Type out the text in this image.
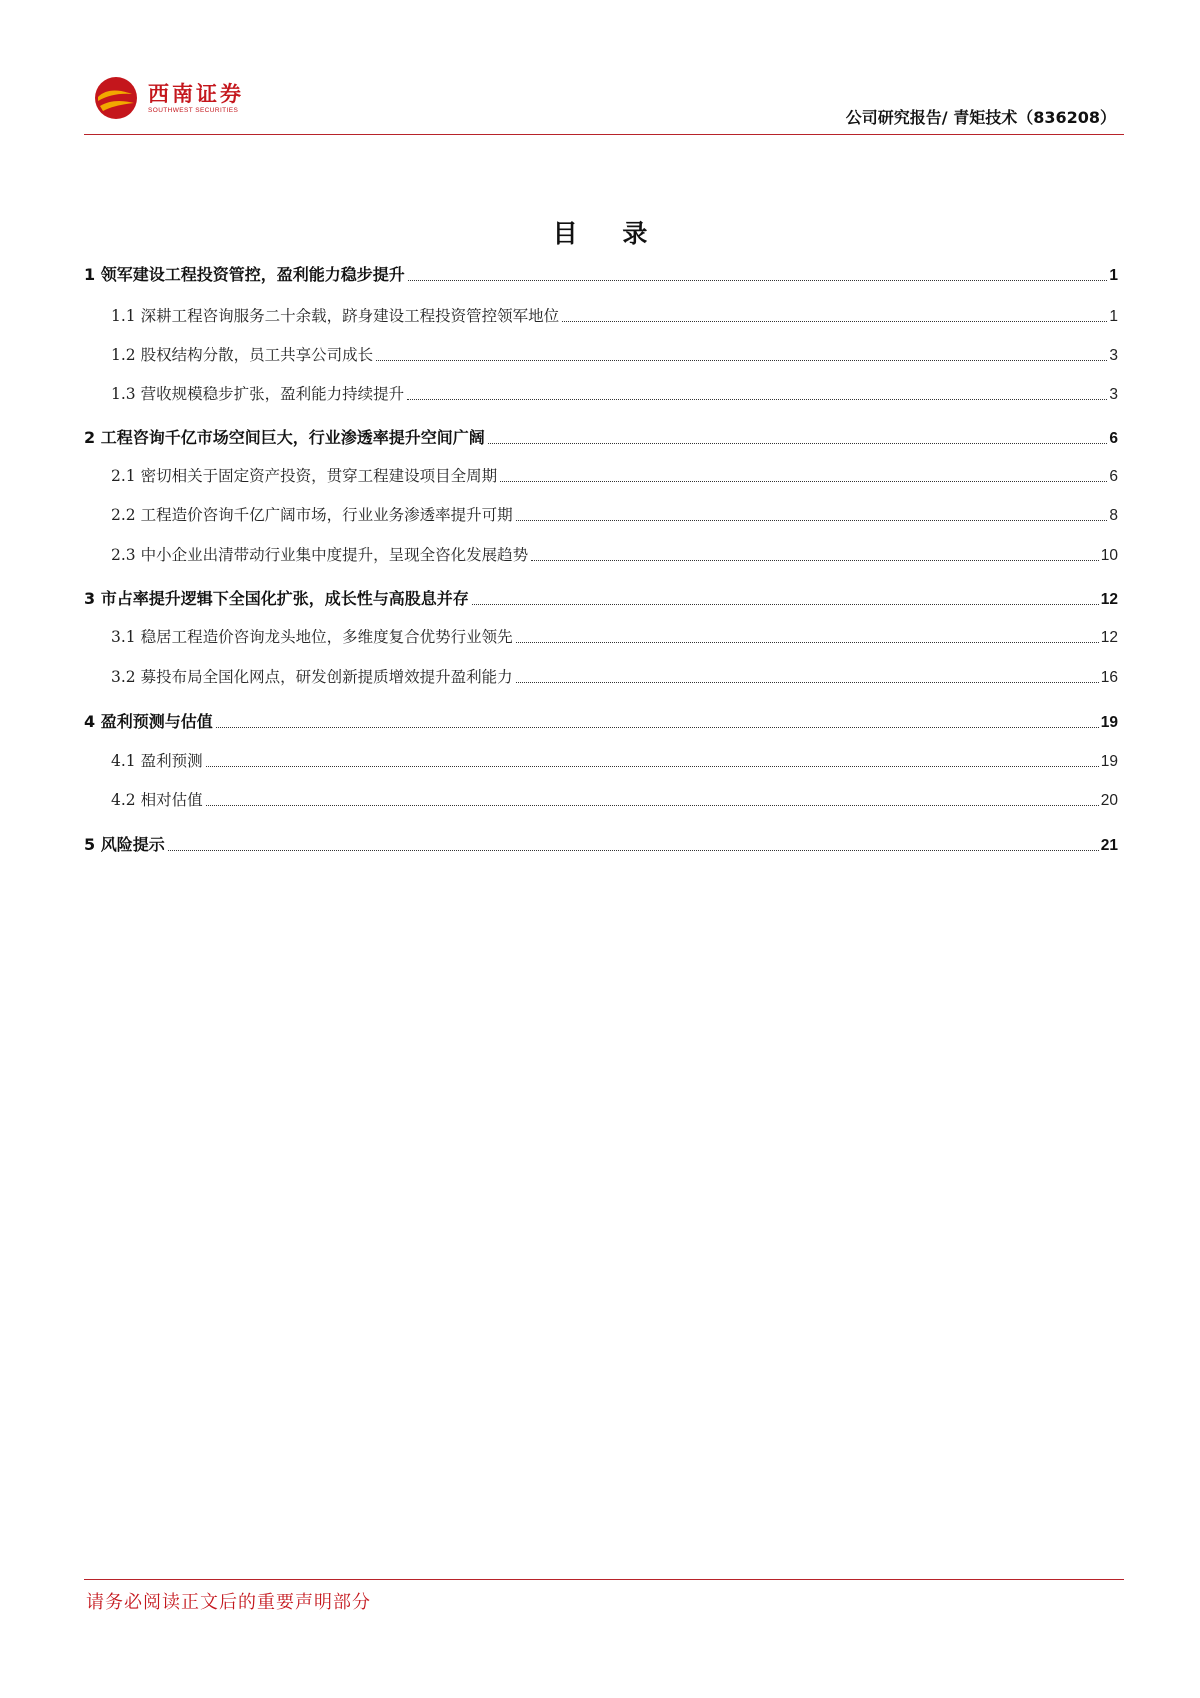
西南证券
SOUTHWEST SECURITIES	公司研究报告/ 青矩技术（836208）
目 录
1 领军建设工程投资管控，盈利能力稳步提升	1
1.1 深耕工程咨询服务二十余载，跻身建设工程投资管控领军地位	1
1.2 股权结构分散，员工共享公司成长	3
1.3 营收规模稳步扩张，盈利能力持续提升	3
2 工程咨询千亿市场空间巨大，行业渗透率提升空间广阔	6
2.1 密切相关于固定资产投资，贯穿工程建设项目全周期	6
2.2 工程造价咨询千亿广阔市场，行业业务渗透率提升可期	8
2.3 中小企业出清带动行业集中度提升，呈现全咨化发展趋势	10
3 市占率提升逻辑下全国化扩张，成长性与高股息并存	12
3.1 稳居工程造价咨询龙头地位，多维度复合优势行业领先	12
3.2 募投布局全国化网点，研发创新提质增效提升盈利能力	16
4 盈利预测与估值	19
4.1 盈利预测	19
4.2 相对估值	20
5 风险提示	21
请务必阅读正文后的重要声明部分
